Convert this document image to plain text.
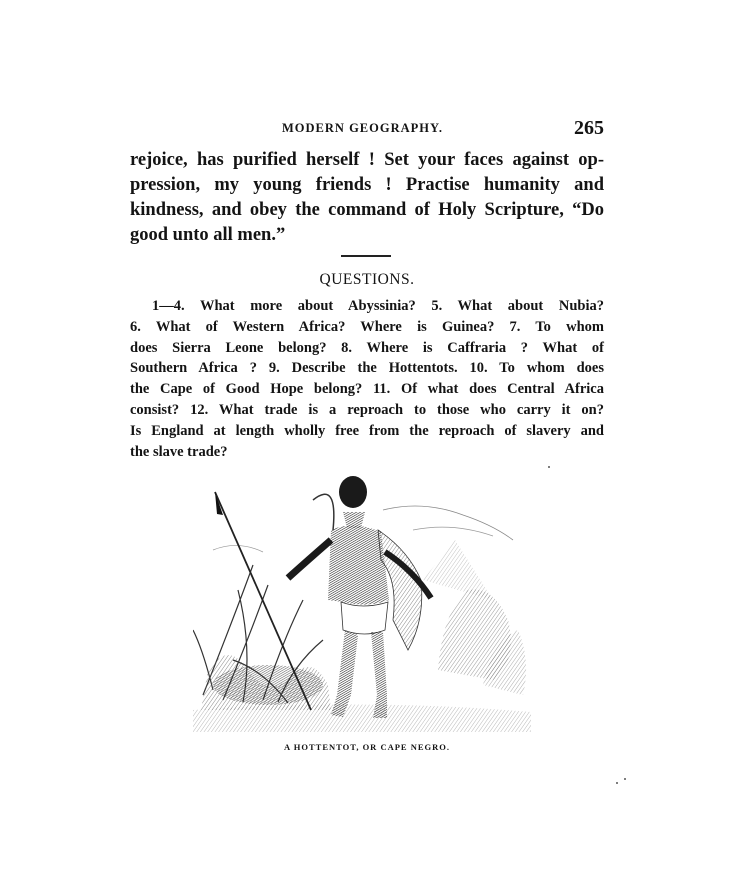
MODERN GEOGRAPHY.	265
rejoice, has purified herself ! Set your faces against op-
pression, my young friends ! Practise humanity and
kindness, and obey the command of Holy Scripture, “Do
good unto all men.”
QUESTIONS.
1—4. What more about Abyssinia? 5. What about Nubia?
6. What of Western Africa? Where is Guinea? 7. To whom
does Sierra Leone belong? 8. Where is Caffraria ? What of
Southern Africa ? 9. Describe the Hottentots. 10. To whom does
the Cape of Good Hope belong? 11. Of what does Central Africa
consist? 12. What trade is a reproach to those who carry it on?
Is England at length wholly free from the reproach of slavery and
the slave trade?
A HOTTENTOT, OR CAPE NEGRO.
